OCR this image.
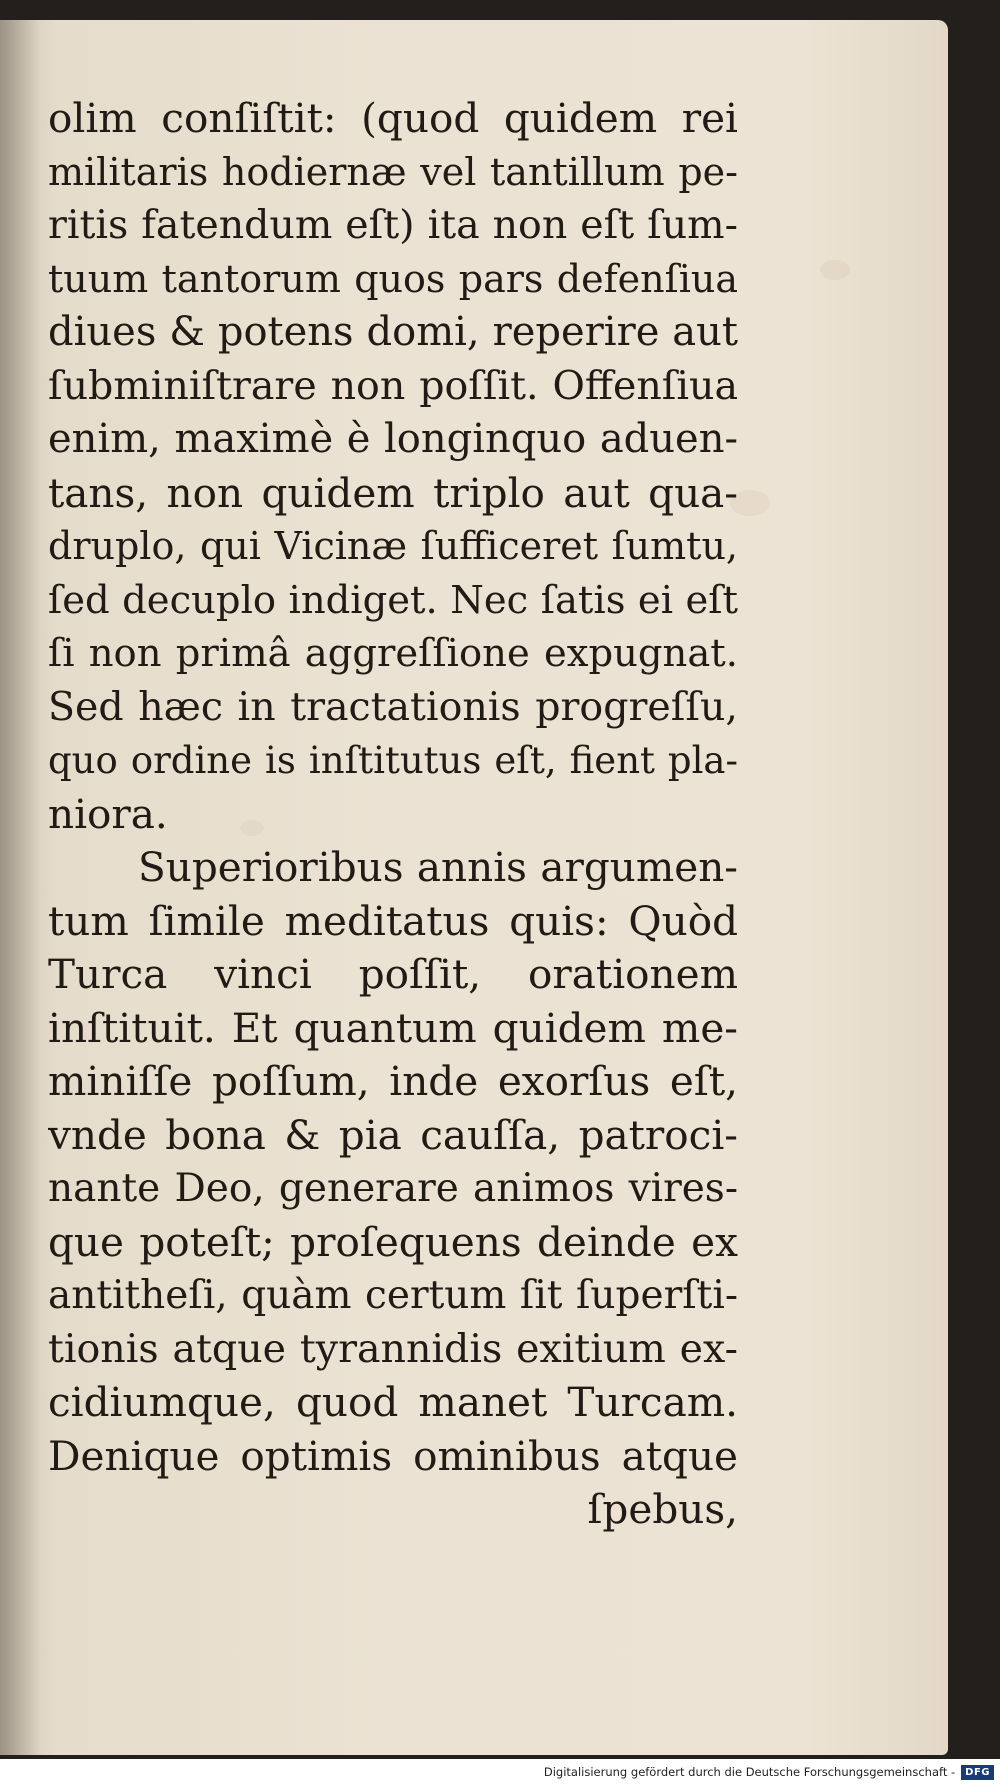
olim conſiſtit: (quod quidem rei
militaris hodiernæ vel tantillum pe-
ritis fatendum eſt) ita non eſt ſum-
tuum tantorum quos pars defenſiua
diues & potens domi, reperire aut
ſubminiſtrare non poſſit. Offenſiua
enim, maximè è longinquo aduen-
tans, non quidem triplo aut qua-
druplo, qui Vicinæ ſufficeret ſumtu,
ſed decuplo indiget. Nec ſatis ei eſt
ſi non primâ aggreſſione expugnat.
Sed hæc in tractationis progreſſu,
quo ordine is inſtitutus eſt, fient pla-
niora.
Superioribus annis argumen-
tum ſimile meditatus quis: Quòd
Turca vinci poſſit, orationem
inſtituit. Et quantum quidem me-
miniſſe poſſum, inde exorſus eſt,
vnde bona & pia cauſſa, patroci-
nante Deo, generare animos vires-
que poteſt; proſequens deinde ex
antitheſi, quàm certum ſit ſuperſti-
tionis atque tyrannidis exitium ex-
cidiumque, quod manet Turcam.
Denique optimis ominibus atque
ſpebus,
Digitalisierung gefördert durch die Deutsche Forschungsgemeinschaft -	DFG
